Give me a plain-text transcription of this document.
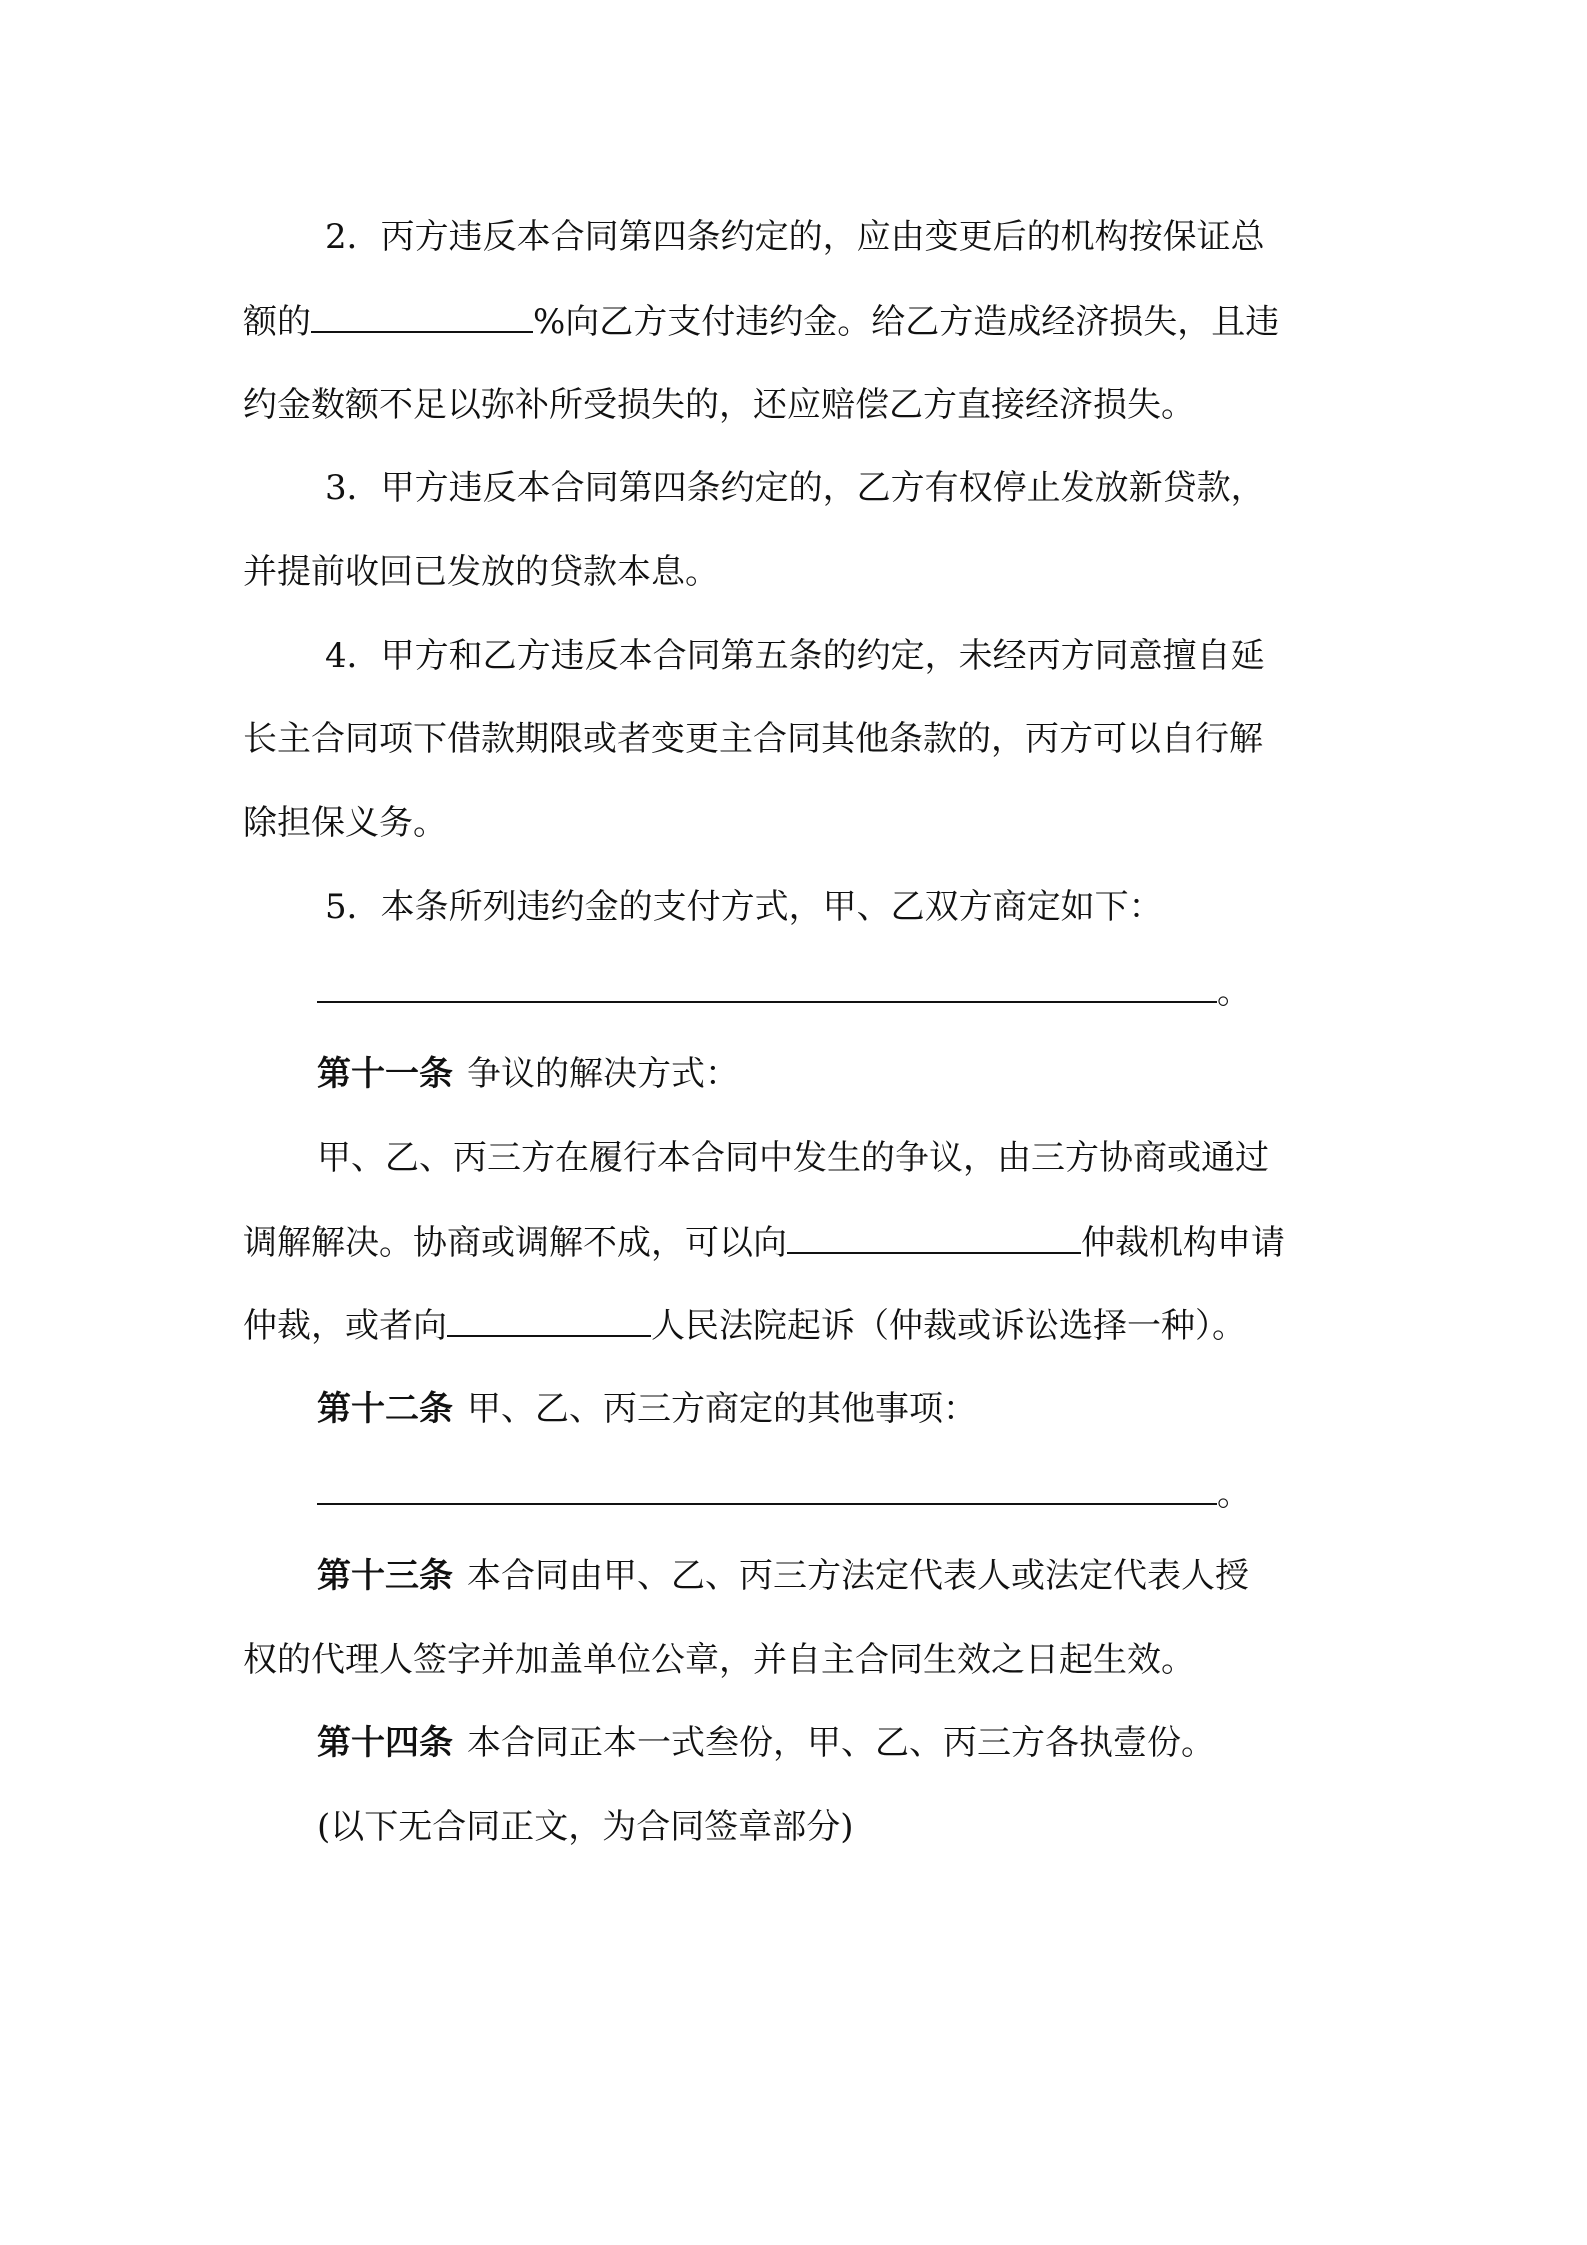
2．丙方违反本合同第四条约定的，应由变更后的机构按保证总
额的	%向乙方支付违约金。给乙方造成经济损失，且违
约金数额不足以弥补所受损失的，还应赔偿乙方直接经济损失。
3．甲方违反本合同第四条约定的，乙方有权停止发放新贷款，
并提前收回已发放的贷款本息。
4．甲方和乙方违反本合同第五条的约定，未经丙方同意擅自延
长主合同项下借款期限或者变更主合同其他条款的，丙方可以自行解
除担保义务。
5．本条所列违约金的支付方式，甲、乙双方商定如下：
。
第十一条 争议的解决方式：
甲、乙、丙三方在履行本合同中发生的争议，由三方协商或通过
调解解决。协商或调解不成，可以向	仲裁机构申请
仲裁，或者向	人民法院起诉（仲裁或诉讼选择一种）。
第十二条 甲、乙、丙三方商定的其他事项：
。
第十三条 本合同由甲、乙、丙三方法定代表人或法定代表人授
权的代理人签字并加盖单位公章，并自主合同生效之日起生效。
第十四条 本合同正本一式叁份，甲、乙、丙三方各执壹份。
(以下无合同正文，为合同签章部分)
